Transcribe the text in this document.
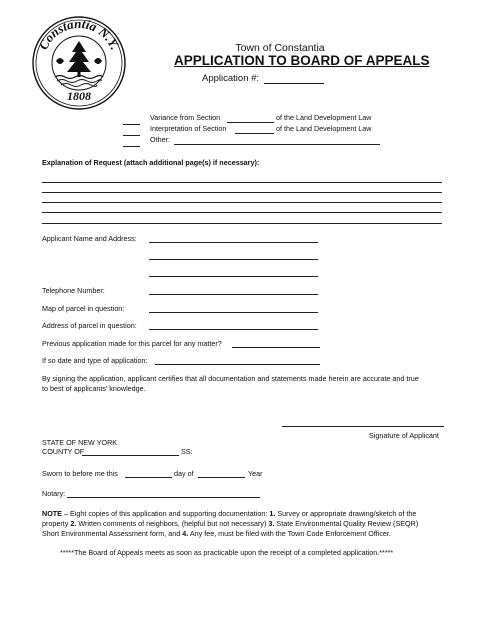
Constantia N.Y.
1808
Town of Constantia
APPLICATION TO BOARD OF APPEALS
Application #:
Variance from Section	of the Land Development Law
Interpretation of Section	of the Land Development Law
Other:
Explanation of Request (attach additional page(s) if necessary):
Applicant Name and Address:
Telephone Number:
Map of parcel in question:
Address of parcel in question:
Previous application made for this parcel for any matter?
If so date and type of application:
By signing the application, applicant certifies that all documentation and statements made herein are accurate and true
to best of applicants' knowledge.
Signature of Applicant
STATE OF NEW YORK
COUNTY OF	SS:
Sworn to before me this	day of	Year
Notary:
NOTE – Eight copies of this application and supporting documentation: 1. Survey or appropriate drawing/sketch of the
property 2. Written comments of neighbors, (helpful but not necessary) 3. State Environmental Quality Review (SEQR)
Short Environmental Assessment form, and 4. Any fee, must be filed with the Town Code Enforcement Officer.
*****The Board of Appeals meets as soon as practicable upon the receipt of a completed application.*****
